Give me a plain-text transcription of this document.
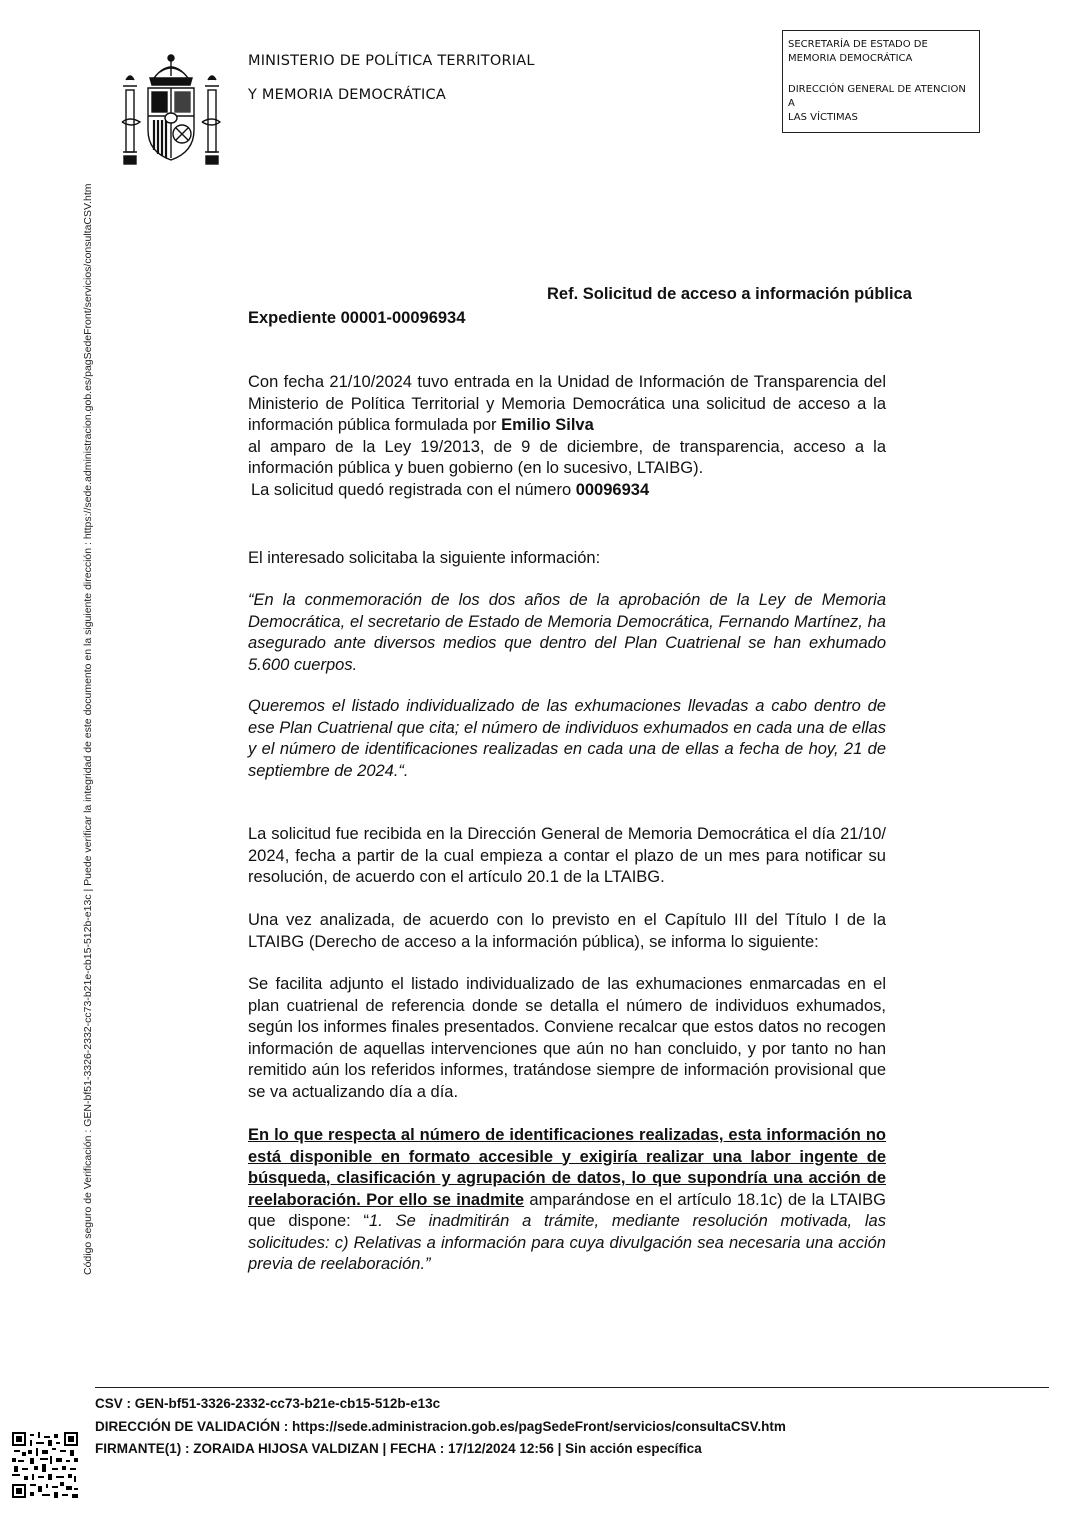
MINISTERIO DE POLÍTICA TERRITORIAL
Y MEMORIA DEMOCRÁTICA
SECRETARÍA DE ESTADO DE
MEMORIA DEMOCRÁTICA
DIRECCIÓN GENERAL DE ATENCION
A
LAS VÍCTIMAS
Código seguro de Verificación : GEN-bf51-3326-2332-cc73-b21e-cb15-512b-e13c | Puede verificar la integridad de este documento en la siguiente dirección : https://sede.administracion.gob.es/pagSedeFront/servicios/consultaCSV.htm	Ref. Solicitud de acceso a información pública
Expediente 00001-00096934

Con fecha 21/10/2024 tuvo entrada en la Unidad de Información de Transparencia del Ministerio de Política Territorial y Memoria Democrática una solicitud de acceso a la información pública formulada por Emilio Silva
al amparo de la Ley 19/2013, de 9 de diciembre, de transparencia, acceso a la información pública y buen gobierno (en lo sucesivo, LTAIBG).

La solicitud quedó registrada con el número 00096934

El interesado solicitaba la siguiente información:
“En la conmemoración de los dos años de la aprobación de la Ley de Memoria Democrática, el secretario de Estado de Memoria Democrática, Fernando Martínez, ha asegurado ante diversos medios que dentro del Plan Cuatrienal se han exhumado 5.600 cuerpos.
Queremos el listado individualizado de las exhumaciones llevadas a cabo dentro de ese Plan Cuatrienal que cita; el número de individuos exhumados en cada una de ellas y el número de identificaciones realizadas en cada una de ellas a fecha de hoy, 21 de septiembre de 2024.“.
La solicitud fue recibida en la Dirección General de Memoria Democrática el día 21/10/ 2024, fecha a partir de la cual empieza a contar el plazo de un mes para notificar su resolución, de acuerdo con el artículo 20.1 de la LTAIBG.
Una vez analizada, de acuerdo con lo previsto en el Capítulo III del Título I de la LTAIBG (Derecho de acceso a la información pública), se informa lo siguiente:
Se facilita adjunto el listado individualizado de las exhumaciones enmarcadas en el plan cuatrienal de referencia donde se detalla el número de individuos exhumados, según los informes finales presentados. Conviene recalcar que estos datos no recogen información de aquellas intervenciones que aún no han concluido, y por tanto no han remitido aún los referidos informes, tratándose siempre de información provisional que se va actualizando día a día.

En lo que respecta al número de identificaciones realizadas, esta información no está disponible en formato accesible y exigiría realizar una labor ingente de búsqueda, clasificación y agrupación de datos, lo que supondría una acción de reelaboración. Por ello se inadmite amparándose en el artículo 18.1c) de la LTAIBG que dispone: “1. Se inadmitirán a trámite, mediante resolución motivada, las solicitudes: c) Relativas a información para cuya divulgación sea necesaria una acción previa de reelaboración.”

CSV : GEN-bf51-3326-2332-cc73-b21e-cb15-512b-e13c
DIRECCIÓN DE VALIDACIÓN : https://sede.administracion.gob.es/pagSedeFront/servicios/consultaCSV.htm
FIRMANTE(1) : ZORAIDA HIJOSA VALDIZAN | FECHA : 17/12/2024 12:56 | Sin acción específica
